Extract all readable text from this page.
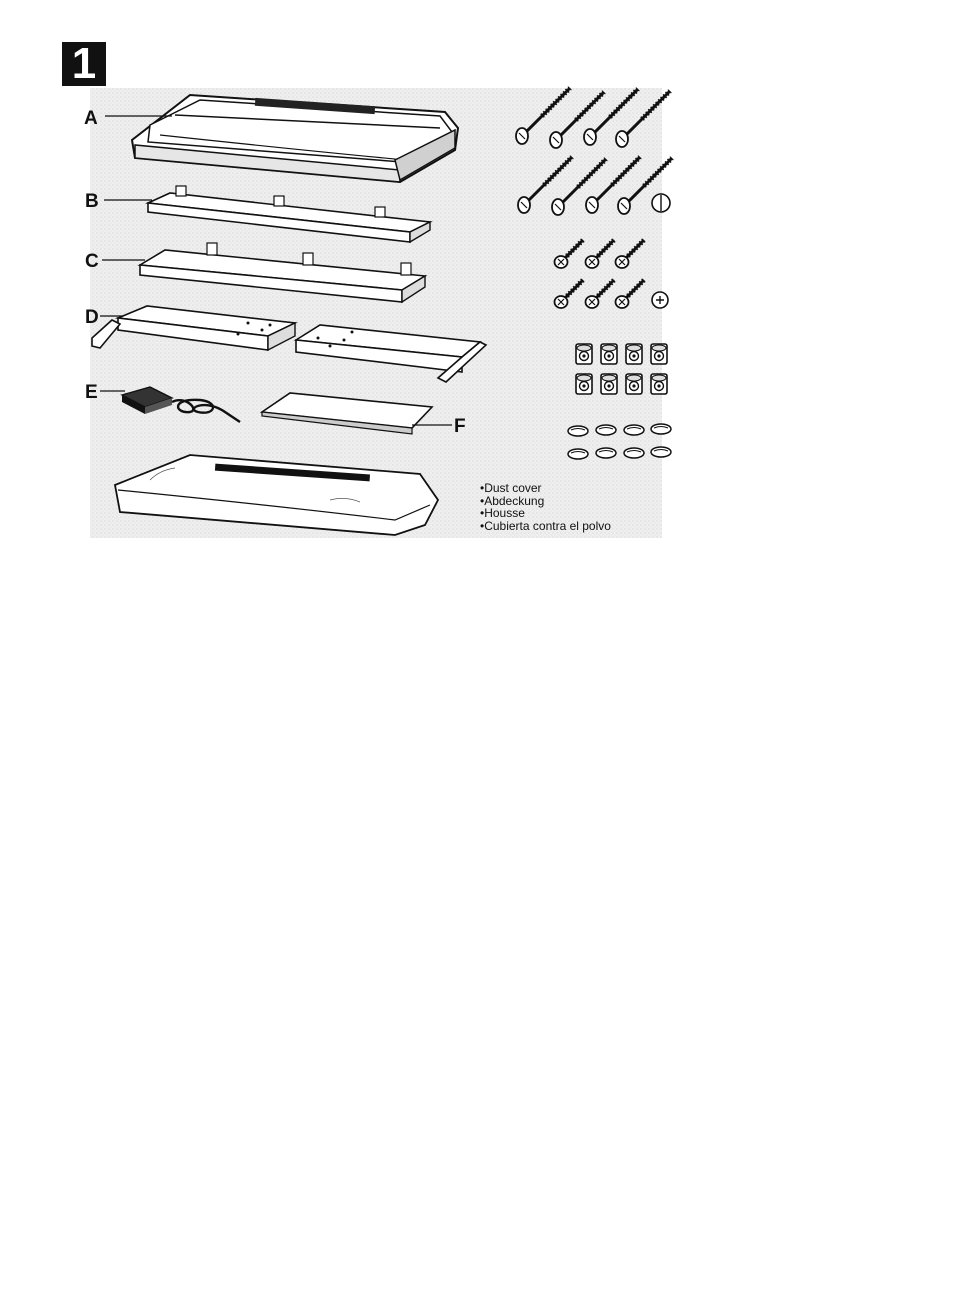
1
A
B
C
D
E
F
•Dust cover
•Abdeckung
•Housse
•Cubierta contra el polvo
